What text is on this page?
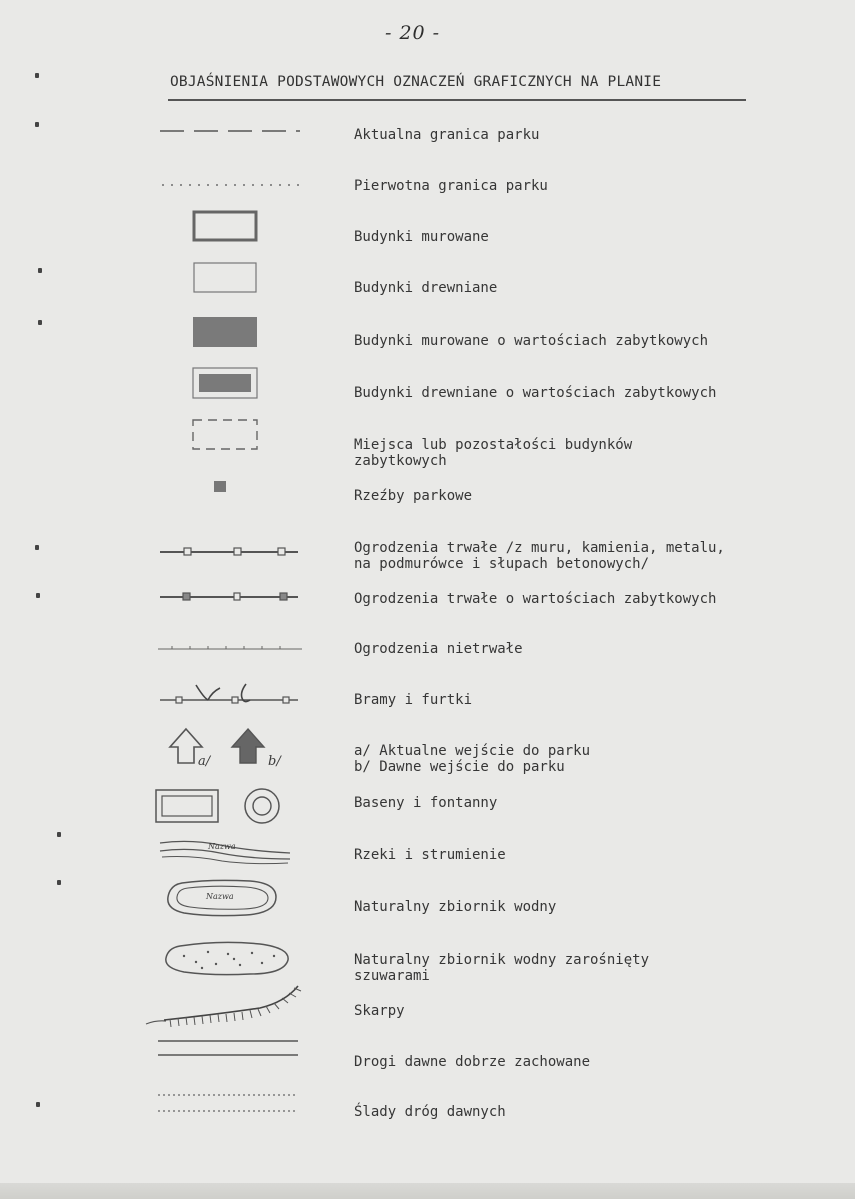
- 20 -
OBJAŚNIENIA PODSTAWOWYCH OZNACZEŃ GRAFICZNYCH NA PLANIE
Aktualna granica parku
Pierwotna granica parku
Budynki murowane
Budynki drewniane
Budynki murowane o wartościach zabytkowych
Budynki drewniane o wartościach zabytkowych
Miejsca lub pozostałości budynków
zabytkowych
Rzeźby parkowe
Ogrodzenia trwałe /z muru, kamienia, metalu,
na podmurówce i słupach betonowych/
Ogrodzenia trwałe o wartościach zabytkowych
Ogrodzenia nietrwałe
Bramy i furtki
a/	b/
a/ Aktualne wejście do parku
b/ Dawne wejście do parku
Baseny i fontanny
Nazwa
Rzeki i strumienie
Nazwa
Naturalny zbiornik wodny
Naturalny zbiornik wodny zarośnięty
szuwarami
Skarpy
Drogi dawne dobrze zachowane
Ślady dróg dawnych
